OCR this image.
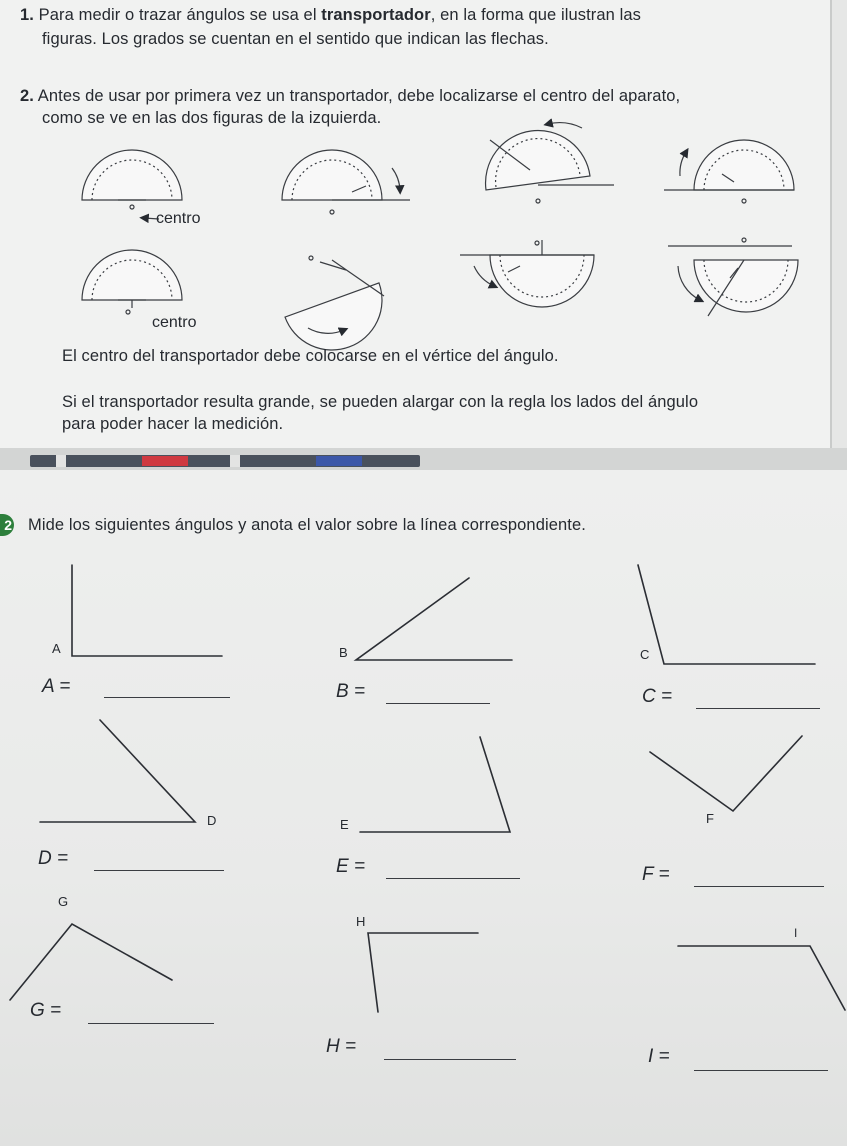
1. Para medir o trazar ángulos se usa el transportador, en la forma que ilustran las

figuras. Los grados se cuentan en el sentido que indican las flechas.

2. Antes de usar por primera vez un transportador, debe localizarse el centro del aparato,

como se ve en las dos figuras de la izquierda.

centro
centro

El centro del transportador debe colocarse en el vértice del ángulo.

Si el transportador resulta grande, se pueden alargar con la regla los lados del ángulo

para poder hacer la medición.

2 Mide los siguientes ángulos y anota el valor sobre la línea correspondiente.

A	B	C
D	E	F
G
H
I
A =	B =	C =
D =	E =	F =
G =
H =	I =
